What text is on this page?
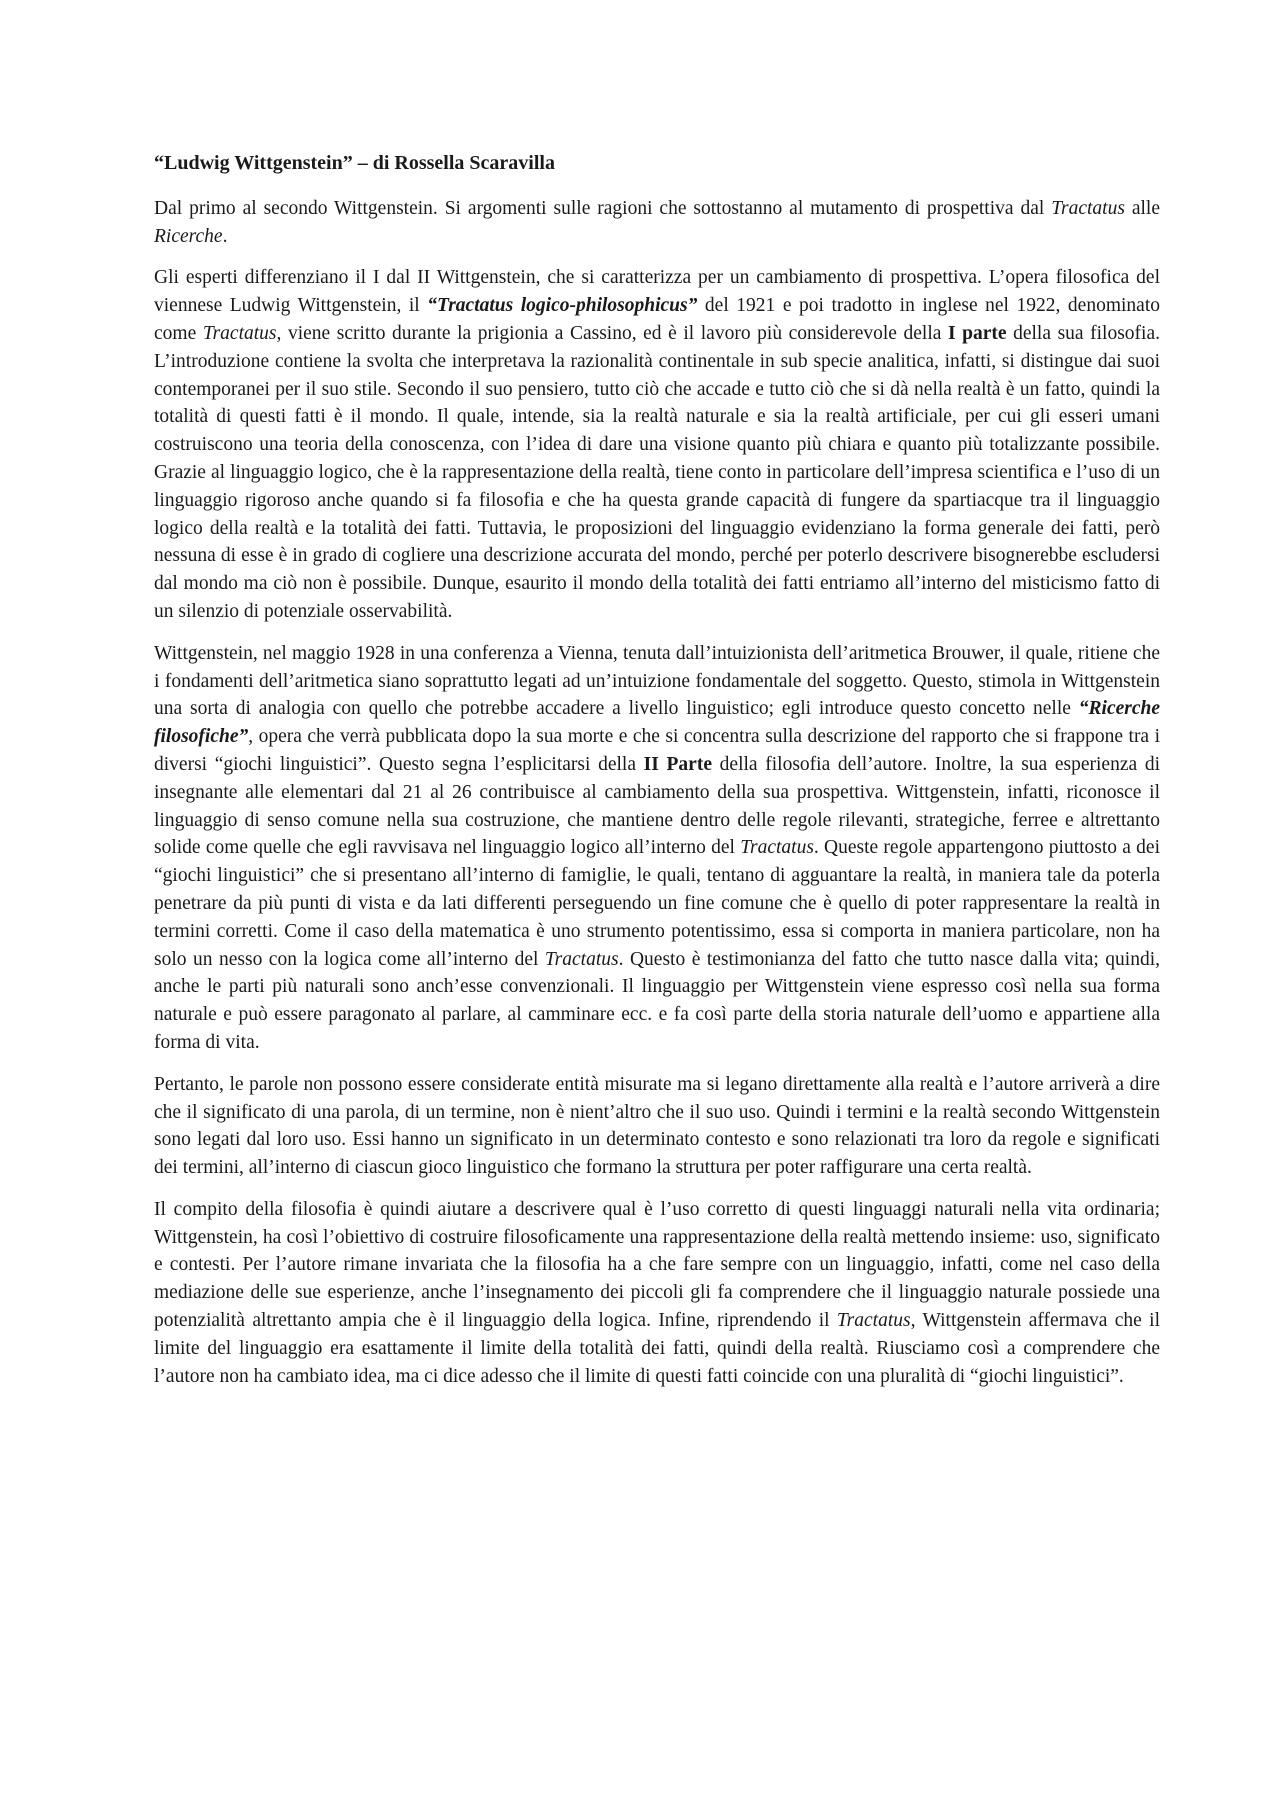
“Ludwig Wittgenstein” – di Rossella Scaravilla

Dal primo al secondo Wittgenstein. Si argomenti sulle ragioni che sottostanno al mutamento di prospettiva dal Tractatus alle Ricerche.

Gli esperti differenziano il I dal II Wittgenstein, che si caratterizza per un cambiamento di prospettiva. L’opera filosofica del viennese Ludwig Wittgenstein, il “Tractatus logico-philosophicus” del 1921 e poi tradotto in inglese nel 1922, denominato come Tractatus, viene scritto durante la prigionia a Cassino, ed è il lavoro più considerevole della I parte della sua filosofia. L’introduzione contiene la svolta che interpretava la razionalità continentale in sub specie analitica, infatti, si distingue dai suoi contemporanei per il suo stile. Secondo il suo pensiero, tutto ciò che accade e tutto ciò che si dà nella realtà è un fatto, quindi la totalità di questi fatti è il mondo. Il quale, intende, sia la realtà naturale e sia la realtà artificiale, per cui gli esseri umani costruiscono una teoria della conoscenza, con l’idea di dare una visione quanto più chiara e quanto più totalizzante possibile. Grazie al linguaggio logico, che è la rappresentazione della realtà, tiene conto in particolare dell’impresa scientifica e l’uso di un linguaggio rigoroso anche quando si fa filosofia e che ha questa grande capacità di fungere da spartiacque tra il linguaggio logico della realtà e la totalità dei fatti. Tuttavia, le proposizioni del linguaggio evidenziano la forma generale dei fatti, però nessuna di esse è in grado di cogliere una descrizione accurata del mondo, perché per poterlo descrivere bisognerebbe escludersi dal mondo ma ciò non è possibile. Dunque, esaurito il mondo della totalità dei fatti entriamo all’interno del misticismo fatto di un silenzio di potenziale osservabilità.

Wittgenstein, nel maggio 1928 in una conferenza a Vienna, tenuta dall’intuizionista dell’aritmetica Brouwer, il quale, ritiene che i fondamenti dell’aritmetica siano soprattutto legati ad un’intuizione fondamentale del soggetto. Questo, stimola in Wittgenstein una sorta di analogia con quello che potrebbe accadere a livello linguistico; egli introduce questo concetto nelle “Ricerche filosofiche”, opera che verrà pubblicata dopo la sua morte e che si concentra sulla descrizione del rapporto che si frappone tra i diversi “giochi linguistici”. Questo segna l’esplicitarsi della II Parte della filosofia dell’autore. Inoltre, la sua esperienza di insegnante alle elementari dal 21 al 26 contribuisce al cambiamento della sua prospettiva. Wittgenstein, infatti, riconosce il linguaggio di senso comune nella sua costruzione, che mantiene dentro delle regole rilevanti, strategiche, ferree e altrettanto solide come quelle che egli ravvisava nel linguaggio logico all’interno del Tractatus. Queste regole appartengono piuttosto a dei “giochi linguistici” che si presentano all’interno di famiglie, le quali, tentano di agguantare la realtà, in maniera tale da poterla penetrare da più punti di vista e da lati differenti perseguendo un fine comune che è quello di poter rappresentare la realtà in termini corretti. Come il caso della matematica è uno strumento potentissimo, essa si comporta in maniera particolare, non ha solo un nesso con la logica come all’interno del Tractatus. Questo è testimonianza del fatto che tutto nasce dalla vita; quindi, anche le parti più naturali sono anch’esse convenzionali. Il linguaggio per Wittgenstein viene espresso così nella sua forma naturale e può essere paragonato al parlare, al camminare ecc. e fa così parte della storia naturale dell’uomo e appartiene alla forma di vita.

Pertanto, le parole non possono essere considerate entità misurate ma si legano direttamente alla realtà e l’autore arriverà a dire che il significato di una parola, di un termine, non è nient’altro che il suo uso. Quindi i termini e la realtà secondo Wittgenstein sono legati dal loro uso. Essi hanno un significato in un determinato contesto e sono relazionati tra loro da regole e significati dei termini, all’interno di ciascun gioco linguistico che formano la struttura per poter raffigurare una certa realtà.

Il compito della filosofia è quindi aiutare a descrivere qual è l’uso corretto di questi linguaggi naturali nella vita ordinaria; Wittgenstein, ha così l’obiettivo di costruire filosoficamente una rappresentazione della realtà mettendo insieme: uso, significato e contesti. Per l’autore rimane invariata che la filosofia ha a che fare sempre con un linguaggio, infatti, come nel caso della mediazione delle sue esperienze, anche l’insegnamento dei piccoli gli fa comprendere che il linguaggio naturale possiede una potenzialità altrettanto ampia che è il linguaggio della logica. Infine, riprendendo il Tractatus, Wittgenstein affermava che il limite del linguaggio era esattamente il limite della totalità dei fatti, quindi della realtà. Riusciamo così a comprendere che l’autore non ha cambiato idea, ma ci dice adesso che il limite di questi fatti coincide con una pluralità di “giochi linguistici”.
